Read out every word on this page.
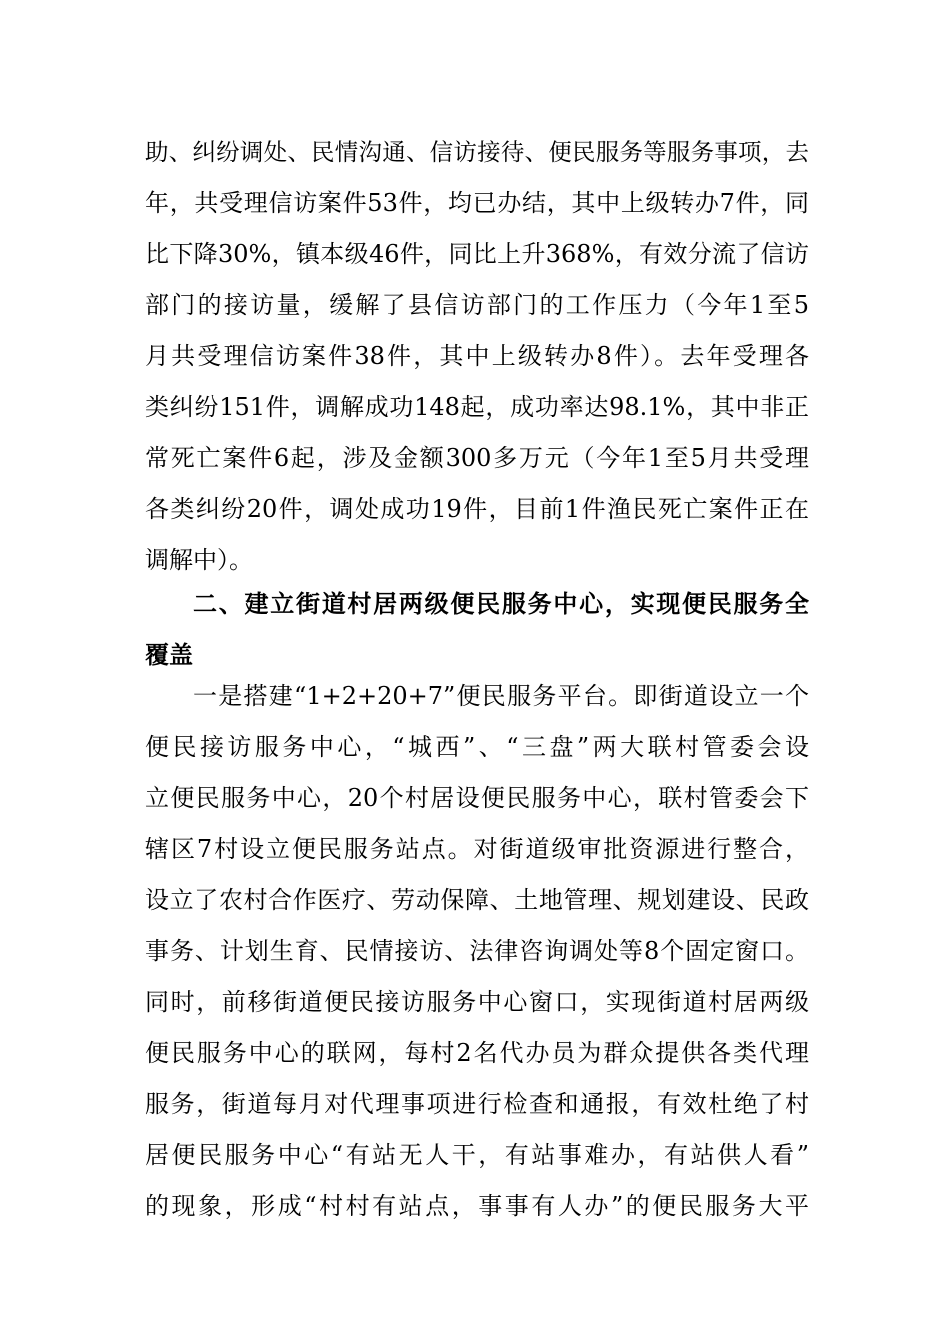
助、纠纷调处、民情沟通、信访接待、便民服务等服务事项，去
年，共受理信访案件53件，均已办结，其中上级转办7件，同
比下降30%，镇本级46件，同比上升368%，有效分流了信访
部门的接访量，缓解了县信访部门的工作压力（今年1至5
月共受理信访案件38件，其中上级转办8件）。去年受理各
类纠纷151件，调解成功148起，成功率达98.1%，其中非正
常死亡案件6起，涉及金额300多万元（今年1至5月共受理
各类纠纷20件，调处成功19件，目前1件渔民死亡案件正在
调解中）。
二、建立街道村居两级便民服务中心，实现便民服务全
覆盖
一是搭建“1+2+20+7”便民服务平台。即街道设立一个
便民接访服务中心，“城西”、“三盘”两大联村管委会设
立便民服务中心，20个村居设便民服务中心，联村管委会下
辖区7村设立便民服务站点。对街道级审批资源进行整合，
设立了农村合作医疗、劳动保障、土地管理、规划建设、民政
事务、计划生育、民情接访、法律咨询调处等8个固定窗口。
同时，前移街道便民接访服务中心窗口，实现街道村居两级
便民服务中心的联网，每村2名代办员为群众提供各类代理
服务，街道每月对代理事项进行检查和通报，有效杜绝了村
居便民服务中心“有站无人干，有站事难办，有站供人看”
的现象，形成“村村有站点，事事有人办”的便民服务大平
